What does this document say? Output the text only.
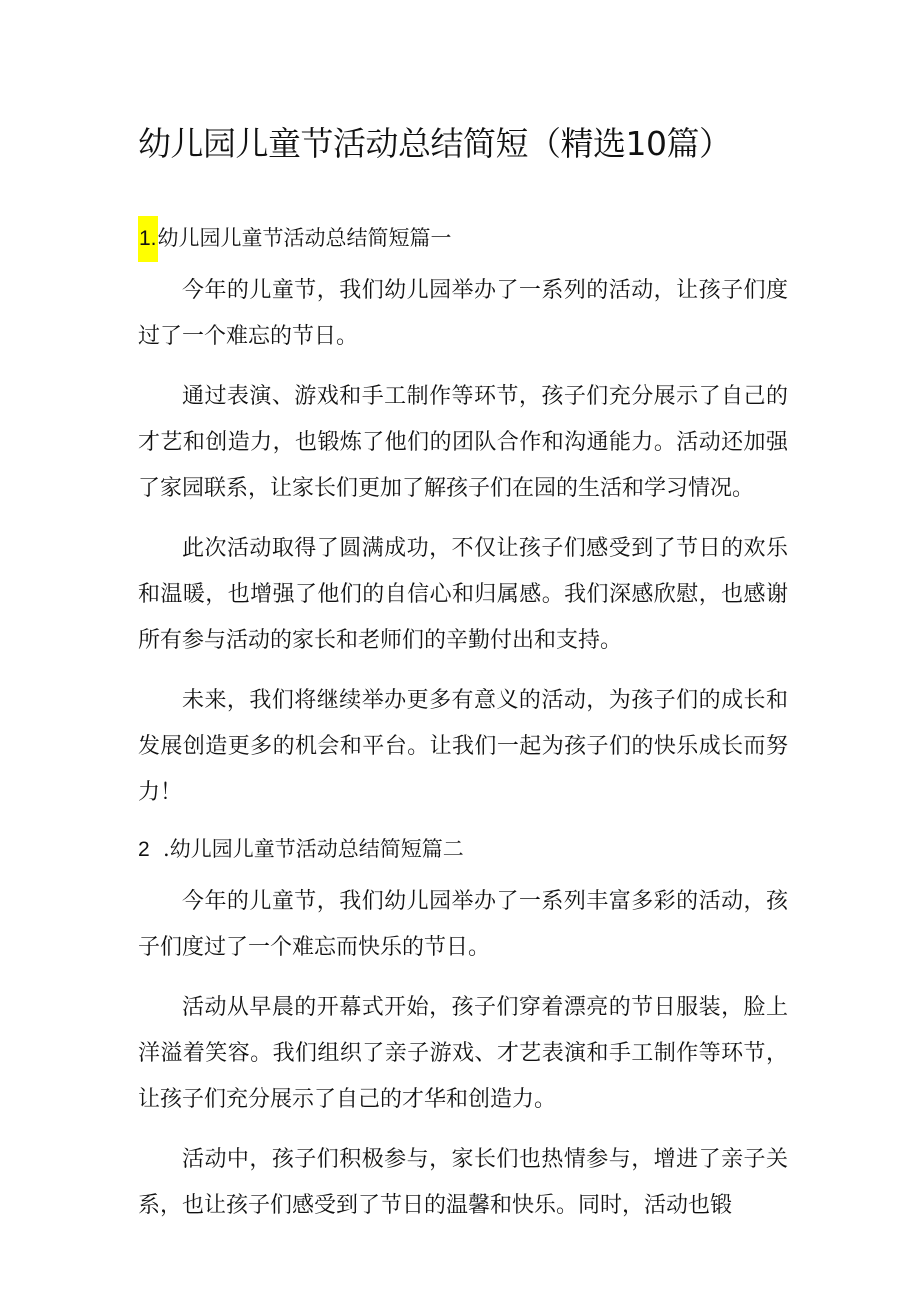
幼儿园儿童节活动总结简短（精选10篇）
1.幼儿园儿童节活动总结简短篇一

今年的儿童节，我们幼儿园举办了一系列的活动，让孩子们度过了一个难忘的节日。

通过表演、游戏和手工制作等环节，孩子们充分展示了自己的才艺和创造力，也锻炼了他们的团队合作和沟通能力。活动还加强了家园联系，让家长们更加了解孩子们在园的生活和学习情况。

此次活动取得了圆满成功，不仅让孩子们感受到了节日的欢乐和温暖，也增强了他们的自信心和归属感。我们深感欣慰，也感谢所有参与活动的家长和老师们的辛勤付出和支持。

未来，我们将继续举办更多有意义的活动，为孩子们的成长和发展创造更多的机会和平台。让我们一起为孩子们的快乐成长而努力！

2 .幼儿园儿童节活动总结简短篇二

今年的儿童节，我们幼儿园举办了一系列丰富多彩的活动，孩子们度过了一个难忘而快乐的节日。

活动从早晨的开幕式开始，孩子们穿着漂亮的节日服装，脸上洋溢着笑容。我们组织了亲子游戏、才艺表演和手工制作等环节，让孩子们充分展示了自己的才华和创造力。

活动中，孩子们积极参与，家长们也热情参与，增进了亲子关系，也让孩子们感受到了节日的温馨和快乐。同时，活动也锻
